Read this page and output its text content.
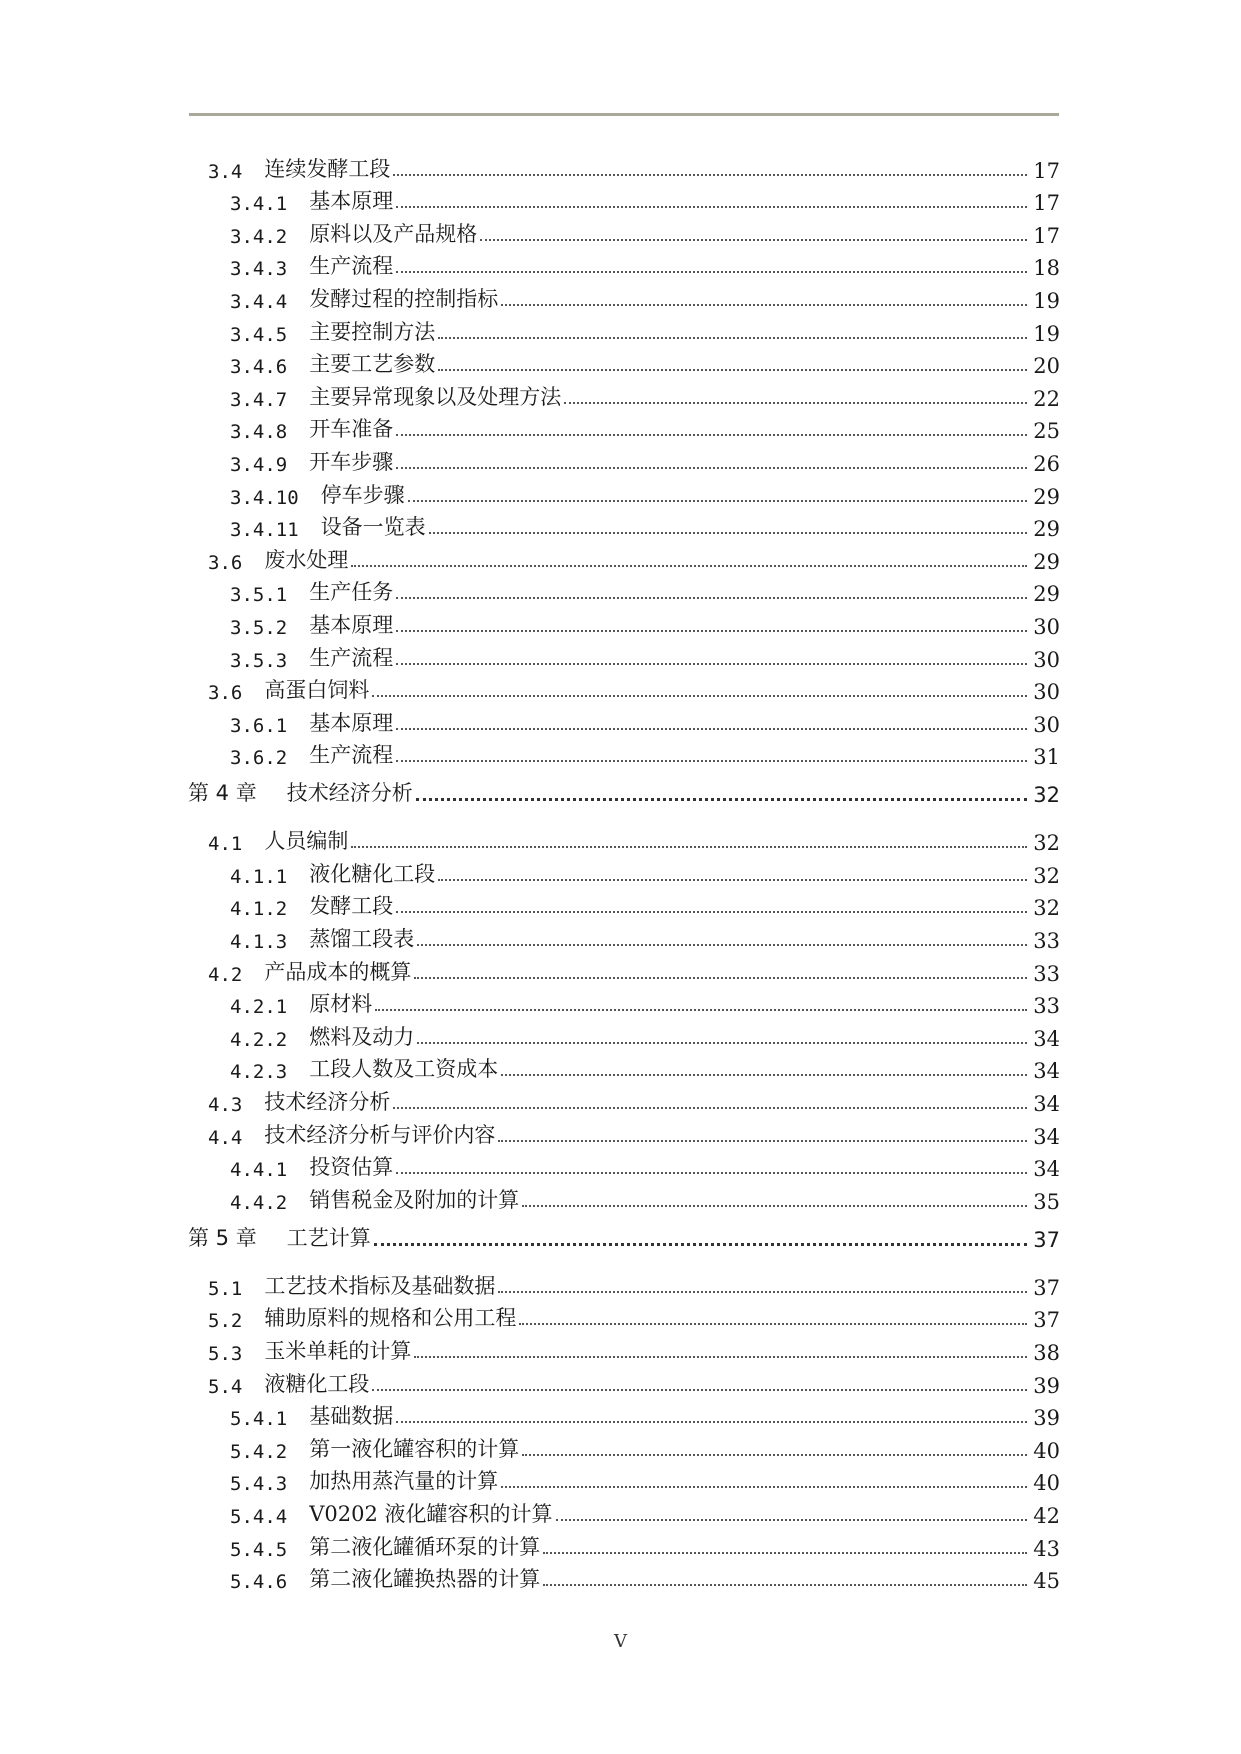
3.4 连续发酵工段	17
3.4.1 基本原理	17
3.4.2 原料以及产品规格	17
3.4.3 生产流程	18
3.4.4 发酵过程的控制指标	19
3.4.5 主要控制方法	19
3.4.6 主要工艺参数	20
3.4.7 主要异常现象以及处理方法	22
3.4.8 开车准备	25
3.4.9 开车步骤	26
3.4.10 停车步骤	29
3.4.11 设备一览表	29
3.6 废水处理	29
3.5.1 生产任务	29
3.5.2 基本原理	30
3.5.3 生产流程	30
3.6 高蛋白饲料	30
3.6.1 基本原理	30
3.6.2 生产流程	31
第 4 章 技术经济分析	32
4.1 人员编制	32
4.1.1 液化糖化工段	32
4.1.2 发酵工段	32
4.1.3 蒸馏工段表	33
4.2 产品成本的概算	33
4.2.1 原材料	33
4.2.2 燃料及动力	34
4.2.3 工段人数及工资成本	34
4.3 技术经济分析	34
4.4 技术经济分析与评价内容	34
4.4.1 投资估算	34
4.4.2 销售税金及附加的计算	35
第 5 章 工艺计算	37
5.1 工艺技术指标及基础数据	37
5.2 辅助原料的规格和公用工程	37
5.3 玉米单耗的计算	38
5.4 液糖化工段	39
5.4.1 基础数据	39
5.4.2 第一液化罐容积的计算	40
5.4.3 加热用蒸汽量的计算	40
5.4.4 V0202 液化罐容积的计算	42
5.4.5 第二液化罐循环泵的计算	43
5.4.6 第二液化罐换热器的计算	45
V
